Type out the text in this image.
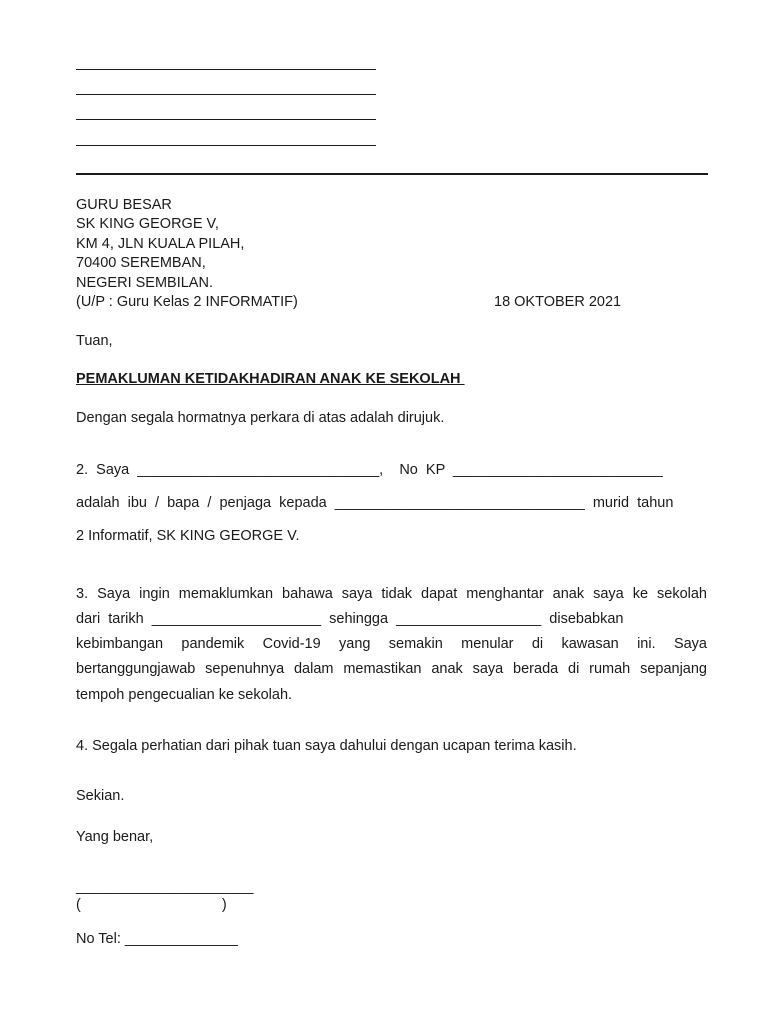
GURU BESAR
SK KING GEORGE V,
KM 4, JLN KUALA PILAH,
70400 SEREMBAN,
NEGERI SEMBILAN.
(U/P : Guru Kelas 2 INFORMATIF)	18 OKTOBER 2021
Tuan,
PEMAKLUMAN KETIDAKHADIRAN ANAK KE SEKOLAH
Dengan segala hormatnya perkara di atas adalah dirujuk.
2.  Saya  ______________________________,    No  KP  __________________________
adalah  ibu  /  bapa  /  penjaga  kepada  _______________________________  murid  tahun
2 Informatif, SK KING GEORGE V.
3. Saya ingin memaklumkan bahawa saya tidak dapat menghantar anak saya ke sekolah
dari  tarikh  _____________________  sehingga  __________________  disebabkan
kebimbangan pandemik Covid-19 yang semakin menular di kawasan ini. Saya
bertanggungjawab sepenuhnya dalam memastikan anak saya berada di rumah sepanjang
tempoh pengecualian ke sekolah.
4. Segala perhatian dari pihak tuan saya dahului dengan ucapan terima kasih.
Sekian.
Yang benar,
______________________
(                                   )
No Tel: ______________
